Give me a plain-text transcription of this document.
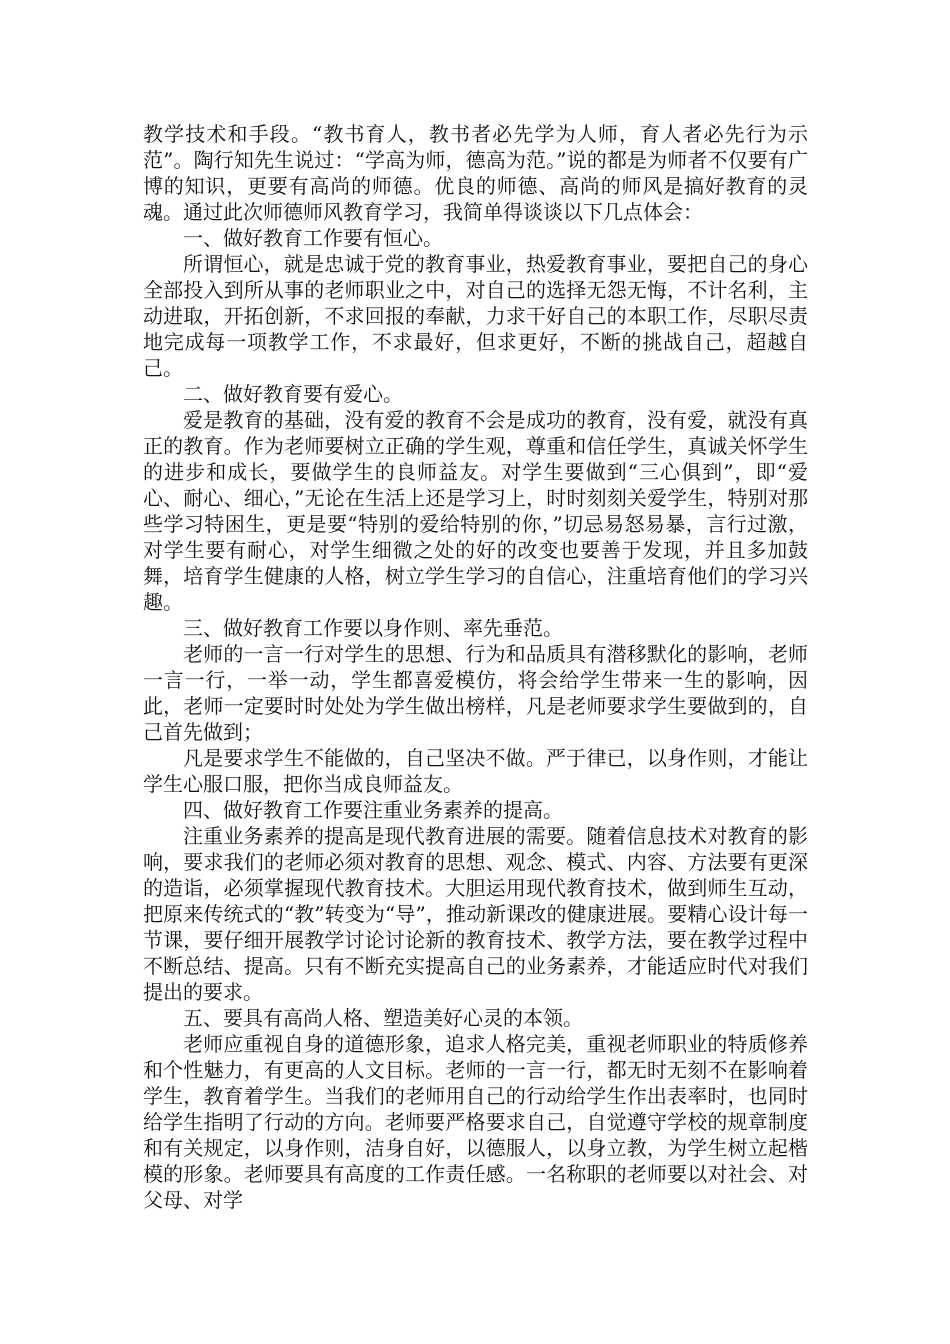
教学技术和手段。“教书育人，教书者必先学为人师，育人者必先行为示范”。陶行知先生说过：“学高为师，德高为范。”说的都是为师者不仅要有广博的知识，更要有高尚的师德。优良的师德、高尚的师风是搞好教育的灵魂。通过此次师德师风教育学习，我简单得谈谈以下几点体会：

一、做好教育工作要有恒心。

所谓恒心，就是忠诚于党的教育事业，热爱教育事业，要把自己的身心全部投入到所从事的老师职业之中，对自己的选择无怨无悔，不计名利，主动进取，开拓创新，不求回报的奉献，力求干好自己的本职工作，尽职尽责地完成每一项教学工作，不求最好，但求更好，不断的挑战自己，超越自己。

二、做好教育要有爱心。

爱是教育的基础，没有爱的教育不会是成功的教育，没有爱，就没有真正的教育。作为老师要树立正确的学生观，尊重和信任学生，真诚关怀学生的进步和成长，要做学生的良师益友。对学生要做到“三心俱到”，即“爱心、耐心、细心，”无论在生活上还是学习上，时时刻刻关爱学生，特别对那些学习特困生，更是要“特别的爱给特别的你，”切忌易怒易暴，言行过激，对学生要有耐心，对学生细微之处的好的改变也要善于发现，并且多加鼓舞，培育学生健康的人格，树立学生学习的自信心，注重培育他们的学习兴趣。

三、做好教育工作要以身作则、率先垂范。

老师的一言一行对学生的思想、行为和品质具有潜移默化的影响，老师一言一行，一举一动，学生都喜爱模仿，将会给学生带来一生的影响，因此，老师一定要时时处处为学生做出榜样，凡是老师要求学生要做到的，自己首先做到；

凡是要求学生不能做的，自己坚决不做。严于律已，以身作则，才能让学生心服口服，把你当成良师益友。

四、做好教育工作要注重业务素养的提高。

注重业务素养的提高是现代教育进展的需要。随着信息技术对教育的影响，要求我们的老师必须对教育的思想、观念、模式、内容、方法要有更深的造诣，必须掌握现代教育技术。大胆运用现代教育技术，做到师生互动，把原来传统式的“教”转变为“导”，推动新课改的健康进展。要精心设计每一节课，要仔细开展教学讨论讨论新的教育技术、教学方法，要在教学过程中不断总结、提高。只有不断充实提高自己的业务素养，才能适应时代对我们提出的要求。

五、要具有高尚人格、塑造美好心灵的本领。

老师应重视自身的道德形象，追求人格完美，重视老师职业的特质修养和个性魅力，有更高的人文目标。老师的一言一行，都无时无刻不在影响着学生，教育着学生。当我们的老师用自己的行动给学生作出表率时，也同时给学生指明了行动的方向。老师要严格要求自己，自觉遵守学校的规章制度和有关规定，以身作则，洁身自好，以德服人，以身立教，为学生树立起楷模的形象。老师要具有高度的工作责任感。一名称职的老师要以对社会、对父母、对学
